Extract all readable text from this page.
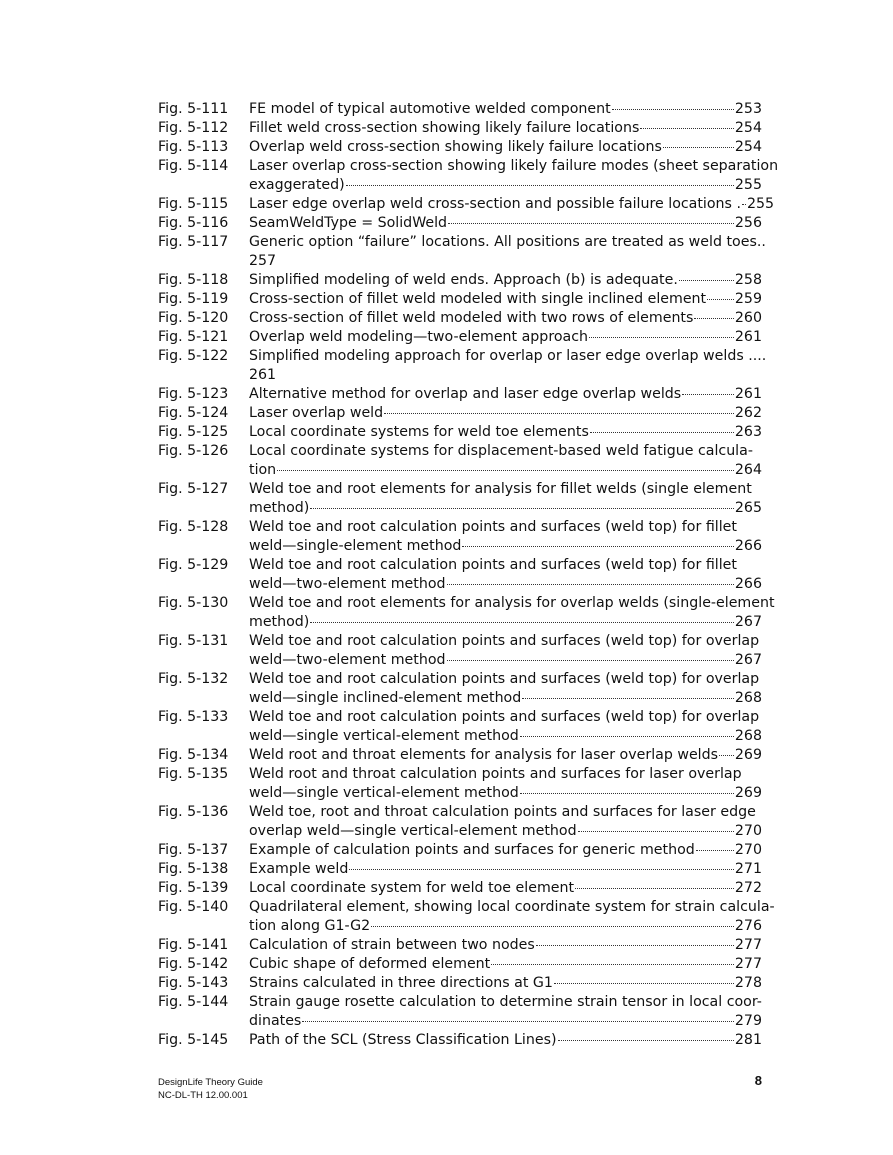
Fig. 5-111	FE model of typical automotive welded component	253
Fig. 5-112	Fillet weld cross-section showing likely failure locations	254
Fig. 5-113	Overlap weld cross-section showing likely failure locations	254
Fig. 5-114	Laser overlap cross-section showing likely failure modes (sheet separation
exaggerated)	255
Fig. 5-115	Laser edge overlap weld cross-section and possible failure locations . 255
Fig. 5-116	SeamWeldType = SolidWeld	256
Fig. 5-117	Generic option “failure” locations. All positions are treated as weld toes..
257
Fig. 5-118	Simplified modeling of weld ends. Approach (b) is adequate.	258
Fig. 5-119	Cross-section of fillet weld modeled with single inclined element 259
Fig. 5-120	Cross-section of fillet weld modeled with two rows of elements	260
Fig. 5-121	Overlap weld modeling—two-element approach	261
Fig. 5-122	Simplified modeling approach for overlap or laser edge overlap welds ....
261
Fig. 5-123	Alternative method for overlap and laser edge overlap welds	261
Fig. 5-124	Laser overlap weld	262
Fig. 5-125	Local coordinate systems for weld toe elements	263
Fig. 5-126	Local coordinate systems for displacement-based weld fatigue calcula-
tion	264
Fig. 5-127	Weld toe and root elements for analysis for fillet welds (single element
method)	265
Fig. 5-128	Weld toe and root calculation points and surfaces (weld top) for fillet
weld—single-element method	266
Fig. 5-129	Weld toe and root calculation points and surfaces (weld top) for fillet
weld—two-element method	266
Fig. 5-130	Weld toe and root elements for analysis for overlap welds (single-element
method)	267
Fig. 5-131	Weld toe and root calculation points and surfaces (weld top) for overlap
weld—two-element method	267
Fig. 5-132	Weld toe and root calculation points and surfaces (weld top) for overlap
weld—single inclined-element method	268
Fig. 5-133	Weld toe and root calculation points and surfaces (weld top) for overlap
weld—single vertical-element method	268
Fig. 5-134	Weld root and throat elements for analysis for laser overlap welds 269
Fig. 5-135	Weld root and throat calculation points and surfaces for laser overlap
weld—single vertical-element method	269
Fig. 5-136	Weld toe, root and throat calculation points and surfaces for laser edge
overlap weld—single vertical-element method	270
Fig. 5-137	Example of calculation points and surfaces for generic method	270
Fig. 5-138	Example weld	271
Fig. 5-139	Local coordinate system for weld toe element	272
Fig. 5-140	Quadrilateral element, showing local coordinate system for strain calcula-
tion along G1-G2	276
Fig. 5-141	Calculation of strain between two nodes	277
Fig. 5-142	Cubic shape of deformed element	277
Fig. 5-143	Strains calculated in three directions at G1	278
Fig. 5-144	Strain gauge rosette calculation to determine strain tensor in local coor-
dinates	279
Fig. 5-145	Path of the SCL (Stress Classification Lines)	281
DesignLife Theory Guide
NC-DL-TH 12.00.001
8
